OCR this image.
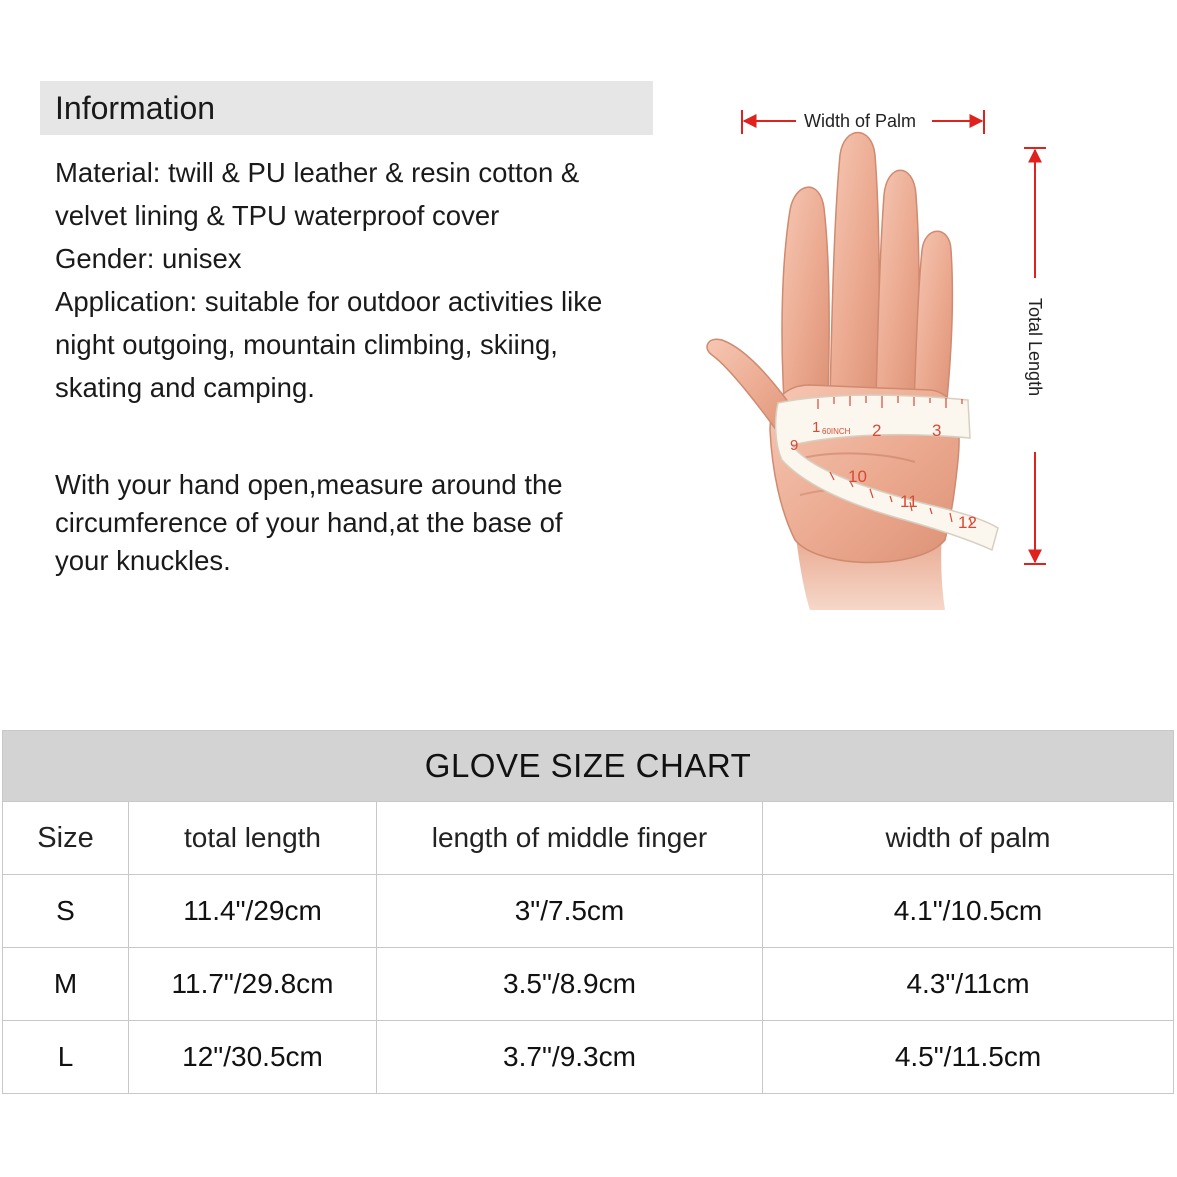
Information

Material: twill & PU leather & resin cotton &

velvet lining & TPU waterproof cover

Gender: unisex

Application: suitable for outdoor activities like

night outgoing, mountain climbing, skiing,

skating and camping.

With your hand open,measure around the
circumference of your hand,at the base of
your knuckles.
1 60INCH 2	3
9
10
11
12
Width of Palm
Total Length
GLOVE SIZE CHART			
Size	total length	length of middle finger	width of palm
S	11.4"/29cm	3"/7.5cm	4.1"/10.5cm
M	11.7"/29.8cm	3.5"/8.9cm	4.3"/11cm
L	12"/30.5cm	3.7"/9.3cm	4.5"/11.5cm
